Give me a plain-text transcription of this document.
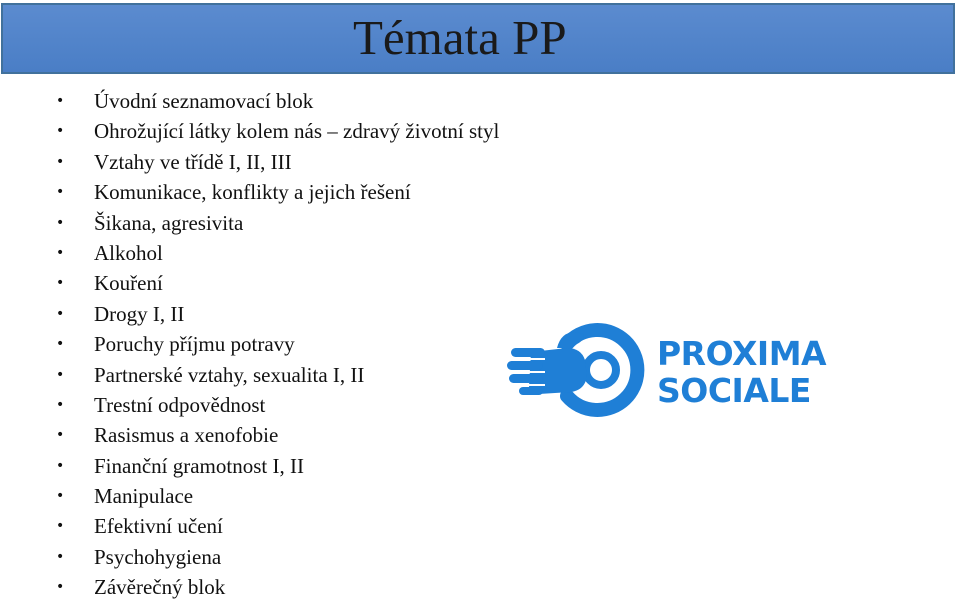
Témata PP
• Úvodní seznamovací blok
• Ohrožující látky kolem nás – zdravý životní styl
• Vztahy ve třídě I, II, III
• Komunikace, konflikty a jejich řešení
• Šikana, agresivita
• Alkohol
• Kouření
• Drogy I, II
• Poruchy příjmu potravy
• Partnerské vztahy, sexualita I, II
• Trestní odpovědnost
• Rasismus a xenofobie
• Finanční gramotnost I, II
• Manipulace
• Efektivní učení
• Psychohygiena
• Závěrečný blok
PROXIMA
SOCIALE
